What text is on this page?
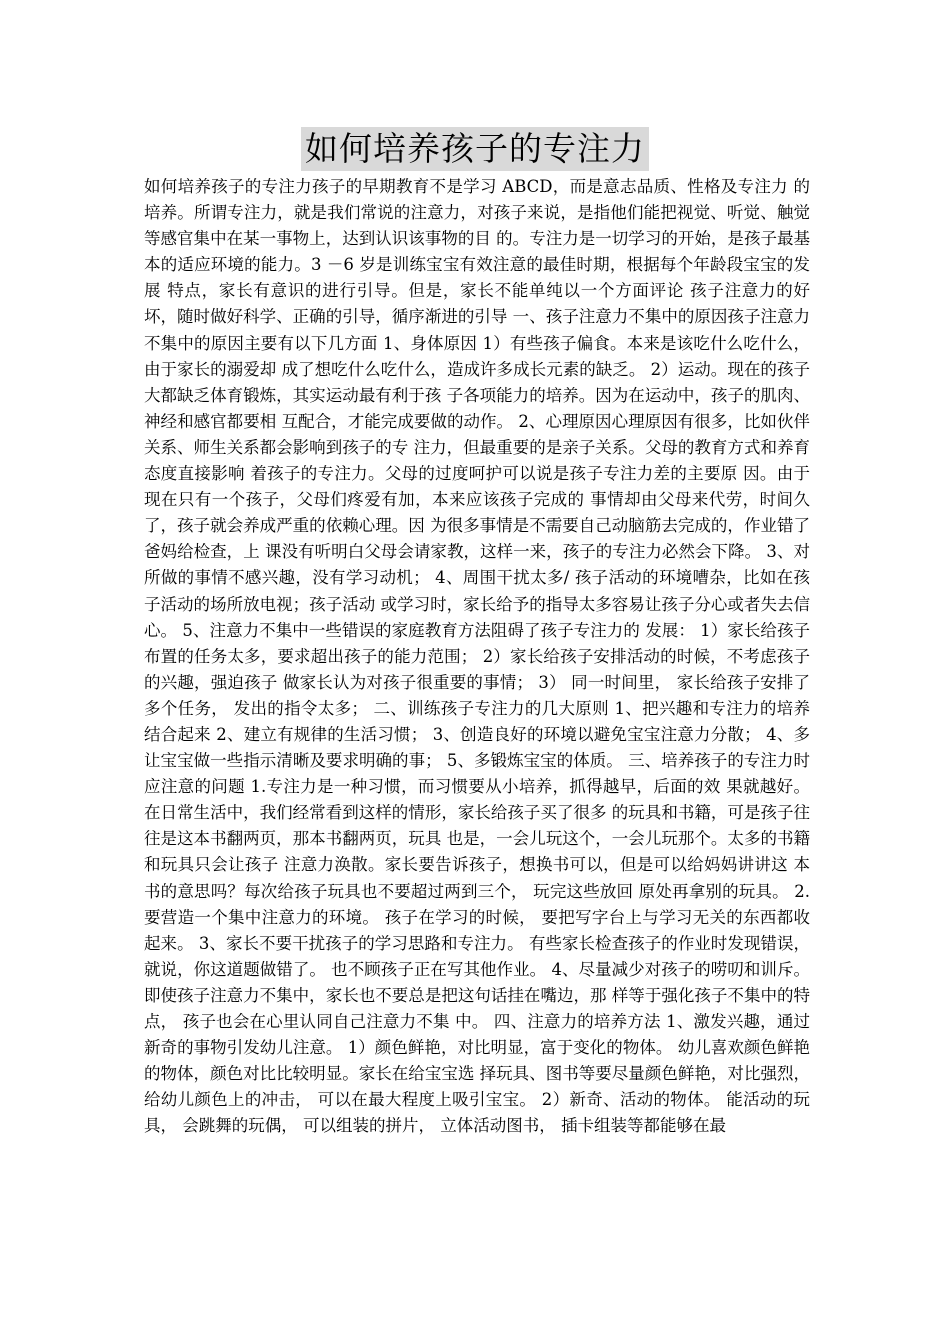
如何培养孩子的专注力

如何培养孩子的专注力孩子的早期教育不是学习 ABCD，而是意志品质、性格及专注力 的培养。所谓专注力，就是我们常说的注意力，对孩子来说，是指他们能把视觉、听觉、触觉等感官集中在某一事物上，达到认识该事物的目 的。专注力是一切学习的开始，是孩子最基本的适应环境的能力。3 －6 岁是训练宝宝有效注意的最佳时期，根据每个年龄段宝宝的发展 特点，家长有意识的进行引导。但是，家长不能单纯以一个方面评论 孩子注意力的好坏，随时做好科学、正确的引导，循序渐进的引导 一、孩子注意力不集中的原因孩子注意力不集中的原因主要有以下几方面 1、身体原因 1）有些孩子偏食。本来是该吃什么吃什么，由于家长的溺爱却 成了想吃什么吃什么，造成许多成长元素的缺乏。 2）运动。现在的孩子大都缺乏体育锻炼，其实运动最有利于孩 子各项能力的培养。因为在运动中，孩子的肌肉、神经和感官都要相 互配合，才能完成要做的动作。 2、心理原因心理原因有很多，比如伙伴关系、师生关系都会影响到孩子的专 注力，但最重要的是亲子关系。父母的教育方式和养育态度直接影响 着孩子的专注力。父母的过度呵护可以说是孩子专注力差的主要原 因。由于现在只有一个孩子，父母们疼爱有加，本来应该孩子完成的 事情却由父母来代劳，时间久了，孩子就会养成严重的依赖心理。因 为很多事情是不需要自己动脑筋去完成的，作业错了爸妈给检查，上 课没有听明白父母会请家教，这样一来，孩子的专注力必然会下降。 3、对所做的事情不感兴趣，没有学习动机； 4、周围干扰太多/ 孩子活动的环境嘈杂，比如在孩子活动的场所放电视；孩子活动 或学习时，家长给予的指导太多容易让孩子分心或者失去信心。 5、注意力不集中一些错误的家庭教育方法阻碍了孩子专注力的 发展： 1）家长给孩子布置的任务太多，要求超出孩子的能力范围； 2）家长给孩子安排活动的时候，不考虑孩子的兴趣，强迫孩子 做家长认为对孩子很重要的事情； 3） 同一时间里， 家长给孩子安排了多个任务， 发出的指令太多； 二、训练孩子专注力的几大原则 1、把兴趣和专注力的培养结合起来 2、建立有规律的生活习惯； 3、创造良好的环境以避免宝宝注意力分散； 4、多让宝宝做一些指示清晰及要求明确的事； 5、多锻炼宝宝的体质。 三、培养孩子的专注力时应注意的问题 1.专注力是一种习惯，而习惯要从小培养，抓得越早，后面的效 果就越好。 在日常生活中，我们经常看到这样的情形，家长给孩子买了很多 的玩具和书籍，可是孩子往往是这本书翻两页，那本书翻两页，玩具 也是，一会儿玩这个，一会儿玩那个。太多的书籍和玩具只会让孩子 注意力涣散。家长要告诉孩子，想换书可以，但是可以给妈妈讲讲这 本书的意思吗？每次给孩子玩具也不要超过两到三个， 玩完这些放回 原处再拿别的玩具。 2.要营造一个集中注意力的环境。 孩子在学习的时候， 要把写字台上与学习无关的东西都收起来。 3、家长不要干扰孩子的学习思路和专注力。 有些家长检查孩子的作业时发现错误，就说，你这道题做错了。 也不顾孩子正在写其他作业。 4、尽量减少对孩子的唠叨和训斥。 即使孩子注意力不集中，家长也不要总是把这句话挂在嘴边，那 样等于强化孩子不集中的特点， 孩子也会在心里认同自己注意力不集 中。 四、注意力的培养方法 1、激发兴趣，通过新奇的事物引发幼儿注意。 1）颜色鲜艳，对比明显，富于变化的物体。 幼儿喜欢颜色鲜艳的物体，颜色对比比较明显。家长在给宝宝选 择玩具、图书等要尽量颜色鲜艳，对比强烈，给幼儿颜色上的冲击， 可以在最大程度上吸引宝宝。 2）新奇、活动的物体。 能活动的玩具， 会跳舞的玩偶， 可以组装的拼片， 立体活动图书， 插卡组装等都能够在最
